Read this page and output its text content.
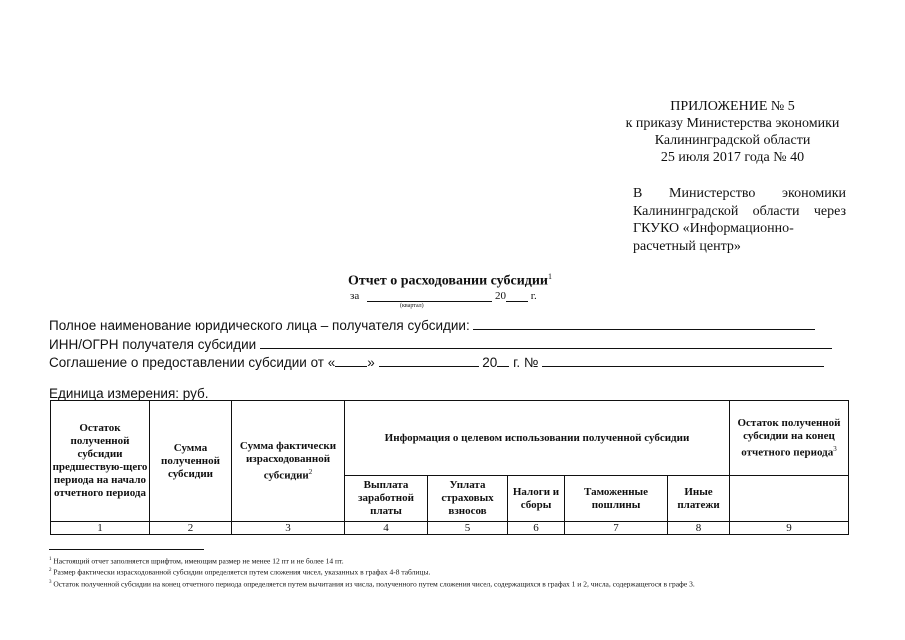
ПРИЛОЖЕНИЕ № 5
к приказу Министерства экономики
Калининградской области
25 июля 2017 года № 40
В Министерство экономики
Калининградской области через
ГКУКО «Информационно-
расчетный центр»
Отчет о расходовании субсидии$^1$
за	20 г.
(квартал)
Полное наименование юридического лица – получателя субсидии:
ИНН/ОГРН получателя субсидии
Соглашение о предоставлении субсидии от « »	20 г. №
Единица измерения: руб.
Остаток полученной субсидии предшествую-щего периода на начало отчетного периода	Сумма полученной субсидии	Сумма фактически израсходованной субсидии$^2$	Информация о целевом использовании полученной субсидии					Остаток полученной субсидии на конец отчетного периода$^3$
			Выплата заработной платы	Уплата страховых взносов	Налоги и сборы	Таможенные пошлины	Иные платежи	
1	2	3	4	5	6	7	8	9
$^1$ Настоящий отчет заполняется шрифтом, имеющим размер не менее 12 пт и не более 14 пт.
$^2$ Размер фактически израсходованной субсидии определяется путем сложения чисел, указанных в графах 4-8 таблицы.
$^3$ Остаток полученной субсидии на конец отчетного периода определяется путем вычитания из числа, полученного путем сложения чисел, содержащихся в графах 1 и 2, числа, содержащегося в графе 3.
